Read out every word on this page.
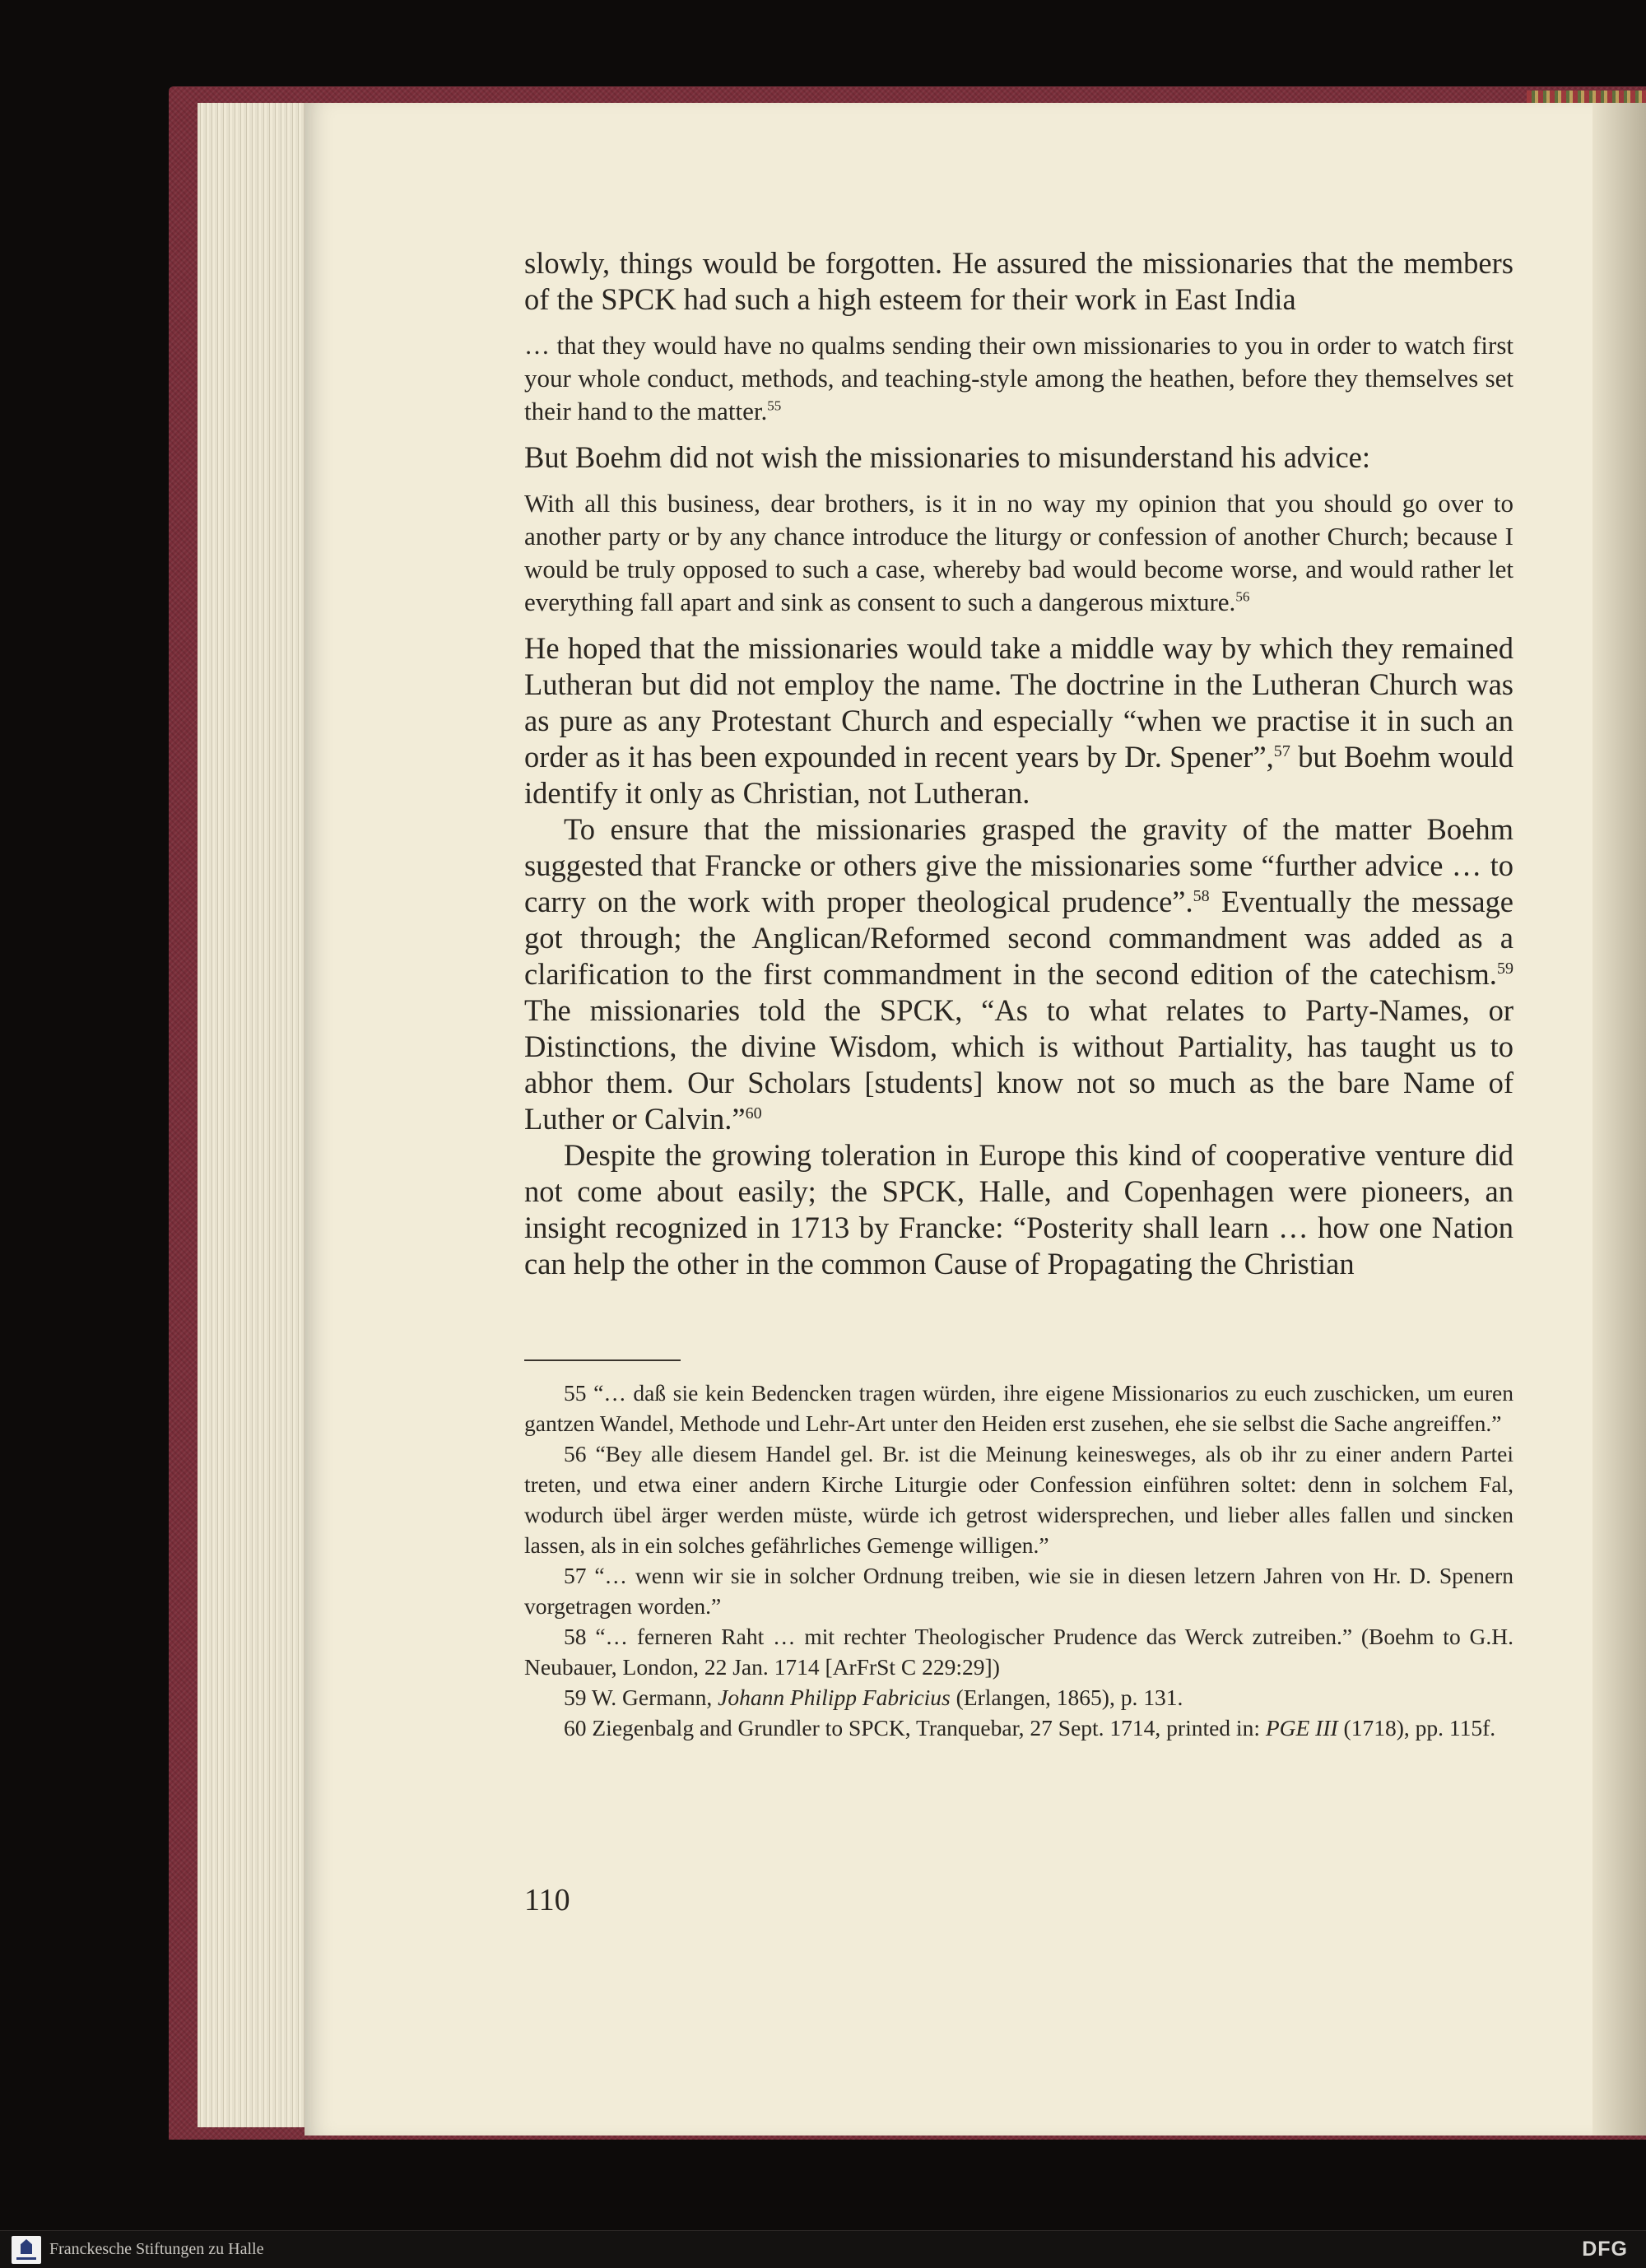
slowly, things would be forgotten. He assured the missionaries that the members of the SPCK had such a high esteem for their work in East India

… that they would have no qualms sending their own missionaries to you in order to watch first your whole conduct, methods, and teaching-style among the heathen, before they themselves set their hand to the matter.$^{55}$

But Boehm did not wish the missionaries to misunderstand his advice:

With all this business, dear brothers, is it in no way my opinion that you should go over to another party or by any chance introduce the liturgy or confession of another Church; because I would be truly opposed to such a case, whereby bad would become worse, and would rather let everything fall apart and sink as consent to such a dangerous mixture.$^{56}$

He hoped that the missionaries would take a middle way by which they remained Lutheran but did not employ the name. The doctrine in the Lutheran Church was as pure as any Protestant Church and especially “when we practise it in such an order as it has been expounded in recent years by Dr. Spener”,$^{57}$ but Boehm would identify it only as Christian, not Lutheran.

To ensure that the missionaries grasped the gravity of the matter Boehm suggested that Francke or others give the missionaries some “further advice … to carry on the work with proper theological prudence”.$^{58}$ Eventually the message got through; the Anglican/Reformed second commandment was added as a clarification to the first commandment in the second edition of the catechism.$^{59}$ The missionaries told the SPCK, “As to what relates to Party-Names, or Distinctions, the divine Wisdom, which is without Partiality, has taught us to abhor them. Our Scholars [students] know not so much as the bare Name of Luther or Calvin.”$^{60}$

Despite the growing toleration in Europe this kind of cooperative venture did not come about easily; the SPCK, Halle, and Copenhagen were pioneers, an insight recognized in 1713 by Francke: “Posterity shall learn … how one Nation can help the other in the common Cause of Propagating the Christian

55 “… daß sie kein Bedencken tragen würden, ihre eigene Missionarios zu euch zuschicken, um euren gantzen Wandel, Methode und Lehr-Art unter den Heiden erst zusehen, ehe sie selbst die Sache angreiffen.”

56 “Bey alle diesem Handel gel. Br. ist die Meinung keinesweges, als ob ihr zu einer andern Partei treten, und etwa einer andern Kirche Liturgie oder Confession einführen soltet: denn in solchem Fal, wodurch übel ärger werden müste, würde ich getrost widersprechen, und lieber alles fallen und sincken lassen, als in ein solches gefährliches Gemenge willigen.”

57 “… wenn wir sie in solcher Ordnung treiben, wie sie in diesen letzern Jahren von Hr. D. Spenern vorgetragen worden.”

58 “… ferneren Raht … mit rechter Theologischer Prudence das Werck zutreiben.” (Boehm to G.H. Neubauer, London, 22 Jan. 1714 [ArFrSt C 229:29])

59 W. Germann, Johann Philipp Fabricius (Erlangen, 1865), p. 131.

60 Ziegenbalg and Grundler to SPCK, Tranquebar, 27 Sept. 1714, printed in: PGE III (1718), pp. 115f.

110
Franckesche Stiftungen zu Halle	DFG
